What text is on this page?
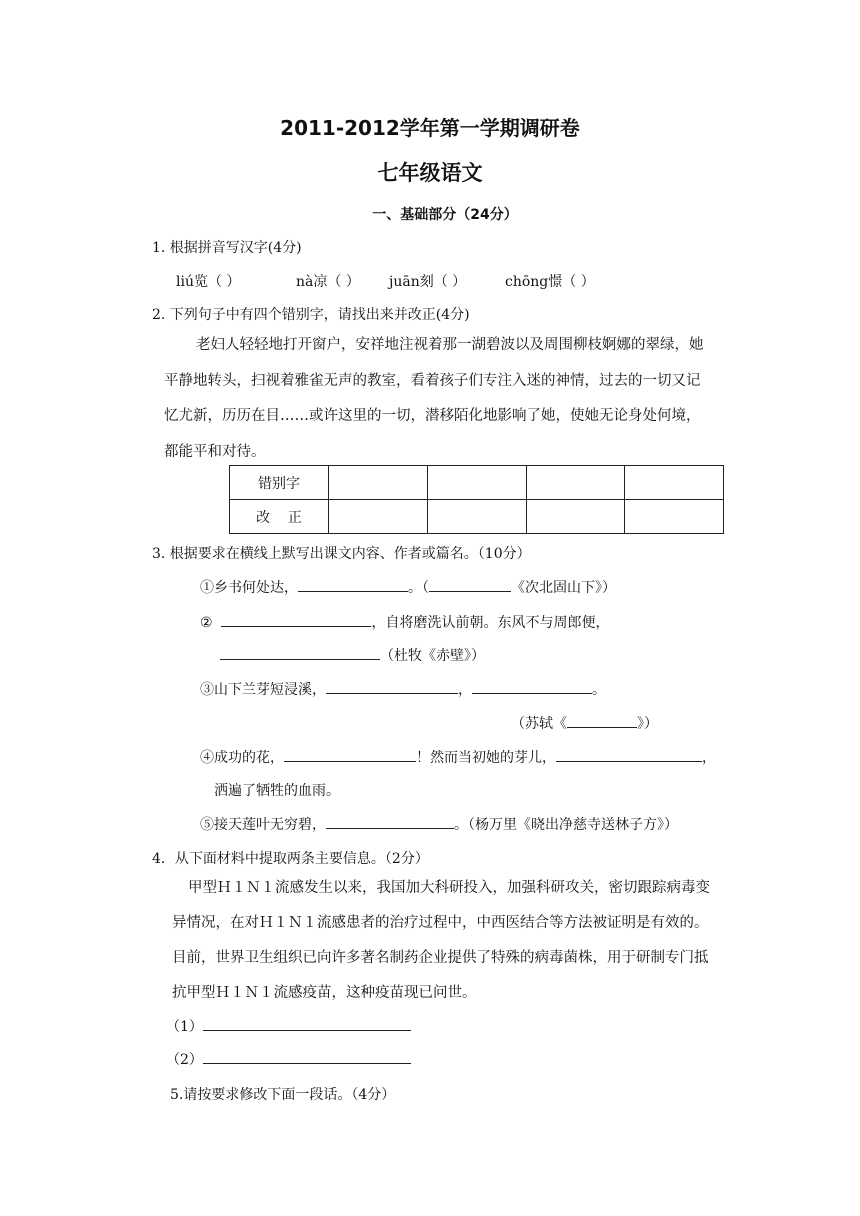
2011-2012学年第一学期调研卷
七年级语文
一、基础部分（24分）
1. 根据拼音写汉字(4分)
liú览（ ）	nà凉（ ） juān刻（ ）	chōng憬（ ）
2. 下列句子中有四个错别字，请找出来并改正(4分)
老妇人轻轻地打开窗户，安祥地注视着那一湖碧波以及周围柳枝婀娜的翠绿，她
平静地转头，扫视着雅雀无声的教室，看着孩子们专注入迷的神情，过去的一切又记
忆尤新，历历在目……或许这里的一切，潜移陌化地影响了她，使她无论身处何境，
都能平和对待。
错别字				
改    正				
3. 根据要求在横线上默写出课文内容、作者或篇名。（10分）
①乡书何处达，	。（	《次北固山下》）
②	，自将磨洗认前朝。东风不与周郎便，
（杜牧《赤壁》）
③山下兰芽短浸溪，	，	。
（苏轼《	》）
④成功的花，	！然而当初她的芽儿，	，
洒遍了牺牲的血雨。
⑤接天莲叶无穷碧，	。（杨万里《晓出净慈寺送林子方》）
4．从下面材料中提取两条主要信息。（2分）
甲型Ｈ１Ｎ１流感发生以来，我国加大科研投入，加强科研攻关，密切跟踪病毒变
异情况，在对Ｈ１Ｎ１流感患者的治疗过程中，中西医结合等方法被证明是有效的。
目前，世界卫生组织已向许多著名制药企业提供了特殊的病毒菌株，用于研制专门抵
抗甲型Ｈ１Ｎ１流感疫苗，这种疫苗现已问世。
（1）
（2）
5.请按要求修改下面一段话。（4分）
